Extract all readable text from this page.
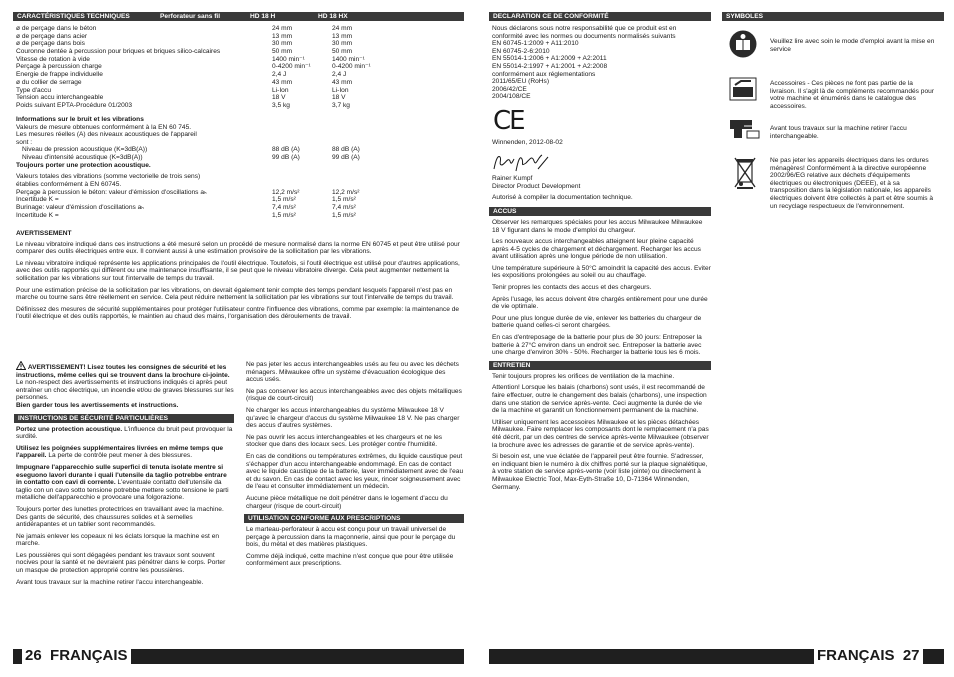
CARACTÉRISTIQUES TECHNIQUES	Perforateur sans fil	HD 18 H	HD 18 HX
ø de perçage dans le béton	24 mm	24 mm
ø de perçage dans acier	13 mm	13 mm
ø de perçage dans bois	30 mm	30 mm
Couronne dentée à percussion pour briques et briques silico-calcaires	50 mm	50 mm
Vitesse de rotation à vide	1400 min⁻¹	1400 min⁻¹
Perçage à percussion charge	0-4200 min⁻¹	0-4200 min⁻¹
Energie de frappe individuelle	2,4 J	2,4 J
ø du collier de serrage	43 mm	43 mm
Type d'accu	Li-Ion	Li-Ion
Tension accu interchangeable	18 V	18 V
Poids suivant EPTA-Procédure 01/2003	3,5 kg	3,7 kg
Informations sur le bruit et les vibrations
Valeurs de mesure obtenues conformément à la EN 60 745.
Les mesures réelles (A) des niveaux acoustiques de l'appareil
sont :
Niveau de pression acoustique (K=3dB(A))	88 dB (A)	88 dB (A)
Niveau d'intensité acoustique (K=3dB(A))	99 dB (A)	99 dB (A)
Toujours porter une protection acoustique.
Valeurs totales des vibrations (somme vectorielle de trois sens)
établies conformément à EN 60745.
Perçage à percussion le béton: valeur d'émission d'oscillations aₕ	12,2 m/s²	12,2 m/s²
Incertitude K =	1,5 m/s²	1,5 m/s²
Burinage: valeur d'émission d'oscillations aₕ	7,4 m/s²	7,4 m/s²
Incertitude K =	1,5 m/s²	1,5 m/s²
AVERTISSEMENT

Le niveau vibratoire indiqué dans ces instructions a été mesuré selon un procédé de mesure normalisé dans la norme EN 60745 et peut être utilisé pour comparer des outils électriques entre eux. Il convient aussi à une estimation provisoire de la sollicitation par les vibrations.

Le niveau vibratoire indiqué représente les applications principales de l'outil électrique. Toutefois, si l'outil électrique est utilisé pour d'autres applications, avec des outils rapportés qui diffèrent ou une maintenance insuffisante, il se peut que le niveau vibratoire diverge. Cela peut augmenter nettement la sollicitation par les vibrations sur tout l'intervalle de temps du travail.

Pour une estimation précise de la sollicitation par les vibrations, on devrait également tenir compte des temps pendant lesquels l'appareil n'est pas en marche ou tourne sans être réellement en service. Cela peut réduire nettement la sollicitation par les vibrations sur tout l'intervalle de temps du travail.

Définissez des mesures de sécurité supplémentaires pour protéger l'utilisateur contre l'influence des vibrations, comme par exemple: la maintenance de l'outil électrique et des outils rapportés, le maintien au chaud des mains, l'organisation des déroulements de travail.

AVERTISSEMENT! Lisez toutes les consignes de sécurité et les instructions, même celles qui se trouvent dans la brochure ci-jointe. Le non-respect des avertissements et instructions indiqués ci après peut entraîner un choc électrique, un incendie et/ou de graves blessures sur les personnes.
Bien garder tous les avertissements et instructions.

INSTRUCTIONS DE SÉCURITÉ PARTICULIÈRES

Portez une protection acoustique. L'influence du bruit peut provoquer la surdité.

Utilisez les poignées supplémentaires livrées en même temps que l'appareil. La perte de contrôle peut mener à des blessures.

Impugnare l'apparecchio sulle superfici di tenuta isolate mentre si eseguono lavori durante i quali l'utensile da taglio potrebbe entrare in contatto con cavi di corrente. L'eventuale contatto dell'utensile da taglio con un cavo sotto tensione potrebbe mettere sotto tensione le parti metalliche dell'apparecchio e provocare una folgorazione.

Toujours porter des lunettes protectrices en travaillant avec la machine. Des gants de sécurité, des chaussures solides et à semelles antidérapantes et un tablier sont recommandés.

Ne jamais enlever les copeaux ni les éclats lorsque la machine est en marche.

Les poussières qui sont dégagées pendant les travaux sont souvent nocives pour la santé et ne devraient pas pénétrer dans le corps. Porter un masque de protection approprié contre les poussières.

Avant tous travaux sur la machine retirer l'accu interchangeable.

Ne pas jeter les accus interchangeables usés au feu ou avec les déchets ménagers. Milwaukee offre un système d'évacuation écologique des accus usés.

Ne pas conserver les accus interchangeables avec des objets métalliques (risque de court-circuit)

Ne charger les accus interchangeables du système Milwaukee 18 V qu'avec le chargeur d'accus du système Milwaukee 18 V. Ne pas charger des accus d'autres systèmes.

Ne pas ouvrir les accus interchangeables et les chargeurs et ne les stocker que dans des locaux secs. Les protéger contre l'humidité.

En cas de conditions ou températures extrêmes, du liquide caustique peut s'échapper d'un accu interchangeable endommagé. En cas de contact avec le liquide caustique de la batterie, laver immédiatement avec de l'eau et du savon. En cas de contact avec les yeux, rincer soigneusement avec de l'eau et consulter immédiatement un médecin.

Aucune pièce métallique ne doit pénétrer dans le logement d'accu du chargeur (risque de court-circuit)

UTILISATION CONFORME AUX PRESCRIPTIONS

Le marteau-perforateur à accu est conçu pour un travail universel de perçage à percussion dans la maçonnerie, ainsi que pour le perçage du bois, du métal et des matières plastiques.

Comme déjà indiqué, cette machine n'est conçue que pour être utilisée conformément aux prescriptions.

26 FRANÇAIS
DECLARATION CE DE CONFORMITÉ
Nous déclarons sous notre responsabilité que ce produit est en
conformité avec les normes ou documents normalisés suivants
EN 60745-1:2009 + A11:2010
EN 60745-2-6:2010
EN 55014-1:2006 + A1:2009 + A2:2011
EN 55014-2:1997 + A1:2001 + A2:2008
conformément aux réglementations
2011/65/EU (RoHs)
2006/42/CE
2004/108/CE
CE
Winnenden, 2012-08-02
Rainer Kumpf
Director Product Development
Autorisé à compiler la documentation technique.
ACCUS

Observer les remarques spéciales pour les accus Milwaukee Milwaukee 18 V figurant dans le mode d'emploi du chargeur.

Les nouveaux accus interchangeables atteignent leur pleine capacité après 4-5 cycles de chargement et déchargement. Recharger les accus avant utilisation après une longue période de non utilisation.

Une température supérieure à 50°C amoindrit la capacité des accus. Eviter les expositions prolongées au soleil ou au chauffage.

Tenir propres les contacts des accus et des chargeurs.

Après l'usage, les accus doivent être chargés entièrement pour une durée de vie optimale.

Pour une plus longue durée de vie, enlever les batteries du chargeur de batterie quand celles-ci seront chargées.

En cas d'entreposage de la batterie pour plus de 30 jours: Entreposer la batterie à 27°C environ dans un endroit sec. Entreposer la batterie avec une charge d'environ 30% - 50%. Recharger la batterie tous les 6 mois.

ENTRETIEN

Tenir toujours propres les orifices de ventilation de la machine.

Attention! Lorsque les balais (charbons) sont usés, il est recommandé de faire effectuer, outre le changement des balais (charbons), une inspection dans une station de service après-vente. Ceci augmente la durée de vie de la machine et garantit un fonctionnement permanent de la machine.

Utiliser uniquement les accessoires Milwaukee et les pièces détachées Milwaukee. Faire remplacer les composants dont le remplacement n'a pas été décrit, par un des centres de service après-vente Milwaukee (observer la brochure avec les adresses de garantie et de service après-vente).

Si besoin est, une vue éclatée de l'appareil peut être fournie. S'adresser, en indiquant bien le numéro à dix chiffres porté sur la plaque signalétique, à votre station de service après-vente (voir liste jointe) ou directement à Milwaukee Electric Tool, Max-Eyth-Straße 10, D-71364 Winnenden, Germany.

SYMBOLES
Veuillez lire avec soin le mode d'emploi avant la mise en service
Accessoires - Ces pièces ne font pas partie de la livraison. Il s'agit là de compléments recommandés pour votre machine et énumérés dans le catalogue des accessoires.
Avant tous travaux sur la machine retirer l'accu interchangeable.
Ne pas jeter les appareils électriques dans les ordures ménagères! Conformément à la directive européenne 2002/96/EG relative aux déchets d'équipements électriques ou électroniques (DEEE), et à sa transposition dans la législation nationale, les appareils électriques doivent être collectés à part et être soumis à un recyclage respectueux de l'environnement.
FRANÇAIS 27
